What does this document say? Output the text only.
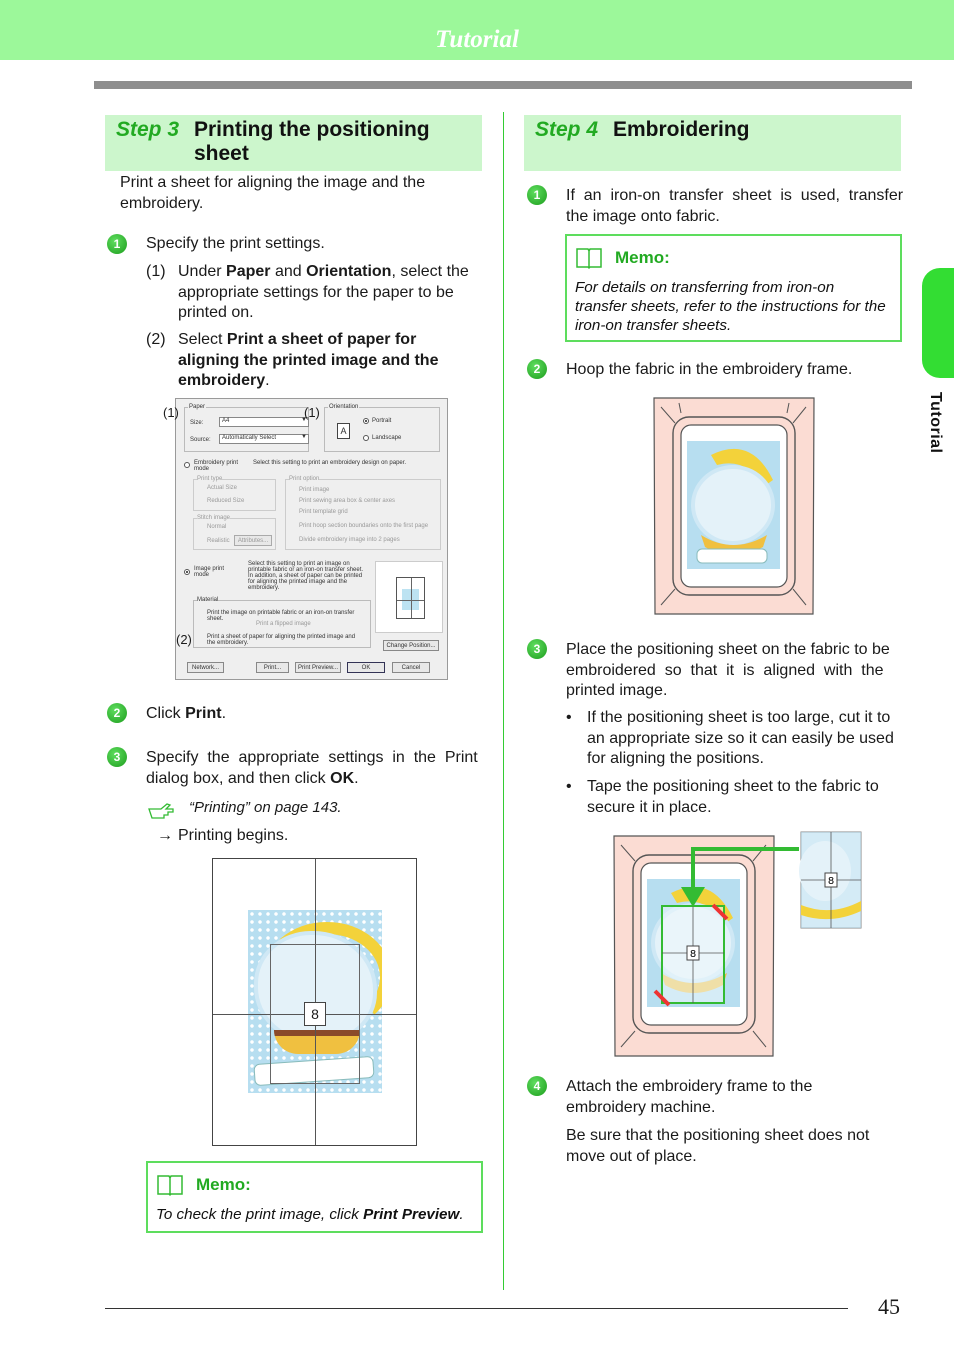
Tutorial
Tutorial
45
Step 3 Printing the positioning
sheet
Print a sheet for aligning the image and the
embroidery.
1	Specify the print settings.
(1) Under Paper and Orientation, select the
appropriate settings for the paper to be
printed on.
(2) Select Print a sheet of paper for
aligning the printed image and the
embroidery.
Paper
Size:	A4	▼
Source: Automatically Select	▼
Orientation
A
Portrait
Landscape
Embroidery print mode
Select this setting to print an embroidery design on paper.
Print type
Actual Size
Reduced Size
Stitch image
Normal
Realistic	Attributes...
Print option
Print image
Print sewing area box & center axes
Print template grid
Print hoop section boundaries onto the first page
Divide embroidery image into 2 pages
Image print mode
Select this setting to print an image on printable fabric or an iron-on transfer sheet. In addition, a sheet of paper can be printed for aligning the printed image and the embroidery.
Material
Print the image on printable fabric or an iron-on transfer sheet.
Print a flipped image
Print a sheet of paper for aligning the printed image and the embroidery.	Change Position...
Network...	Print...	Print Preview...	OK	Cancel
(1)	(1)
(2)
2	Click Print.
3	Specify  the  appropriate  settings  in  the  Print
dialog box, and then click OK.
“Printing” on page 143.
→ Printing begins.
8
Memo:
To check the print image, click Print Preview.
Step 4 Embroidering
1	If  an  iron-on  transfer  sheet  is  used,  transfer
the image onto fabric.
Memo:
For details on transferring from iron-on
transfer sheets, refer to the instructions for the
iron-on transfer sheets.
2	Hoop the fabric in the embroidery frame.
3	Place the positioning sheet on the fabric to be
embroidered  so  that  it  is  aligned  with  the
printed image.
• If the positioning sheet is too large, cut it to
an appropriate size so it can easily be used
for aligning the positions.
• Tape the positioning sheet to the fabric to
secure it in place.
8
8
4	Attach the embroidery frame to the
embroidery machine.
Be sure that the positioning sheet does not
move out of place.
